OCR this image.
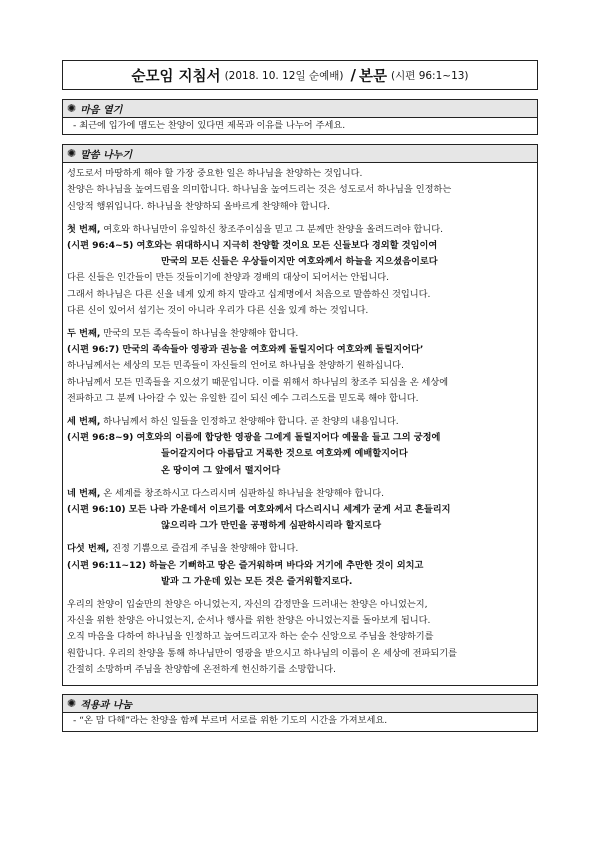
순모임 지침서 (2018. 10. 12일 순예배) / 본문 (시편 96:1~13)
✺ 마음 열기
- 최근에 입가에 맴도는 찬양이 있다면 제목과 이유를 나누어 주세요.
✺ 말씀 나누기
성도로서 마땅하게 해야 할 가장 중요한 일은 하나님을 찬양하는 것입니다.
찬양은 하나님을 높여드림을 의미합니다. 하나님을 높여드리는 것은 성도로서 하나님을 인정하는
신앙적 행위입니다. 하나님을 찬양하되 올바르게 찬양해야 합니다.
첫 번째, 여호와 하나님만이 유일하신 창조주이심을 믿고 그 분께만 찬양을 올려드려야 합니다.
(시편 96:4~5) 여호와는 위대하시니 지극히 찬양할 것이요 모든 신들보다 경외할 것임이여
만국의 모든 신들은 우상들이지만 여호와께서 하늘을 지으셨음이로다
다른 신들은 인간들이 만든 것들이기에 찬양과 경배의 대상이 되어서는 안됩니다.
그래서 하나님은 다른 신을 네게 있게 하지 말라고 십계명에서 처음으로 말씀하신 것입니다.
다른 신이 있어서 섬기는 것이 아니라 우리가 다른 신을 있게 하는 것입니다.
두 번째, 만국의 모든 족속들이 하나님을 찬양해야 합니다.
(시편 96:7) 만국의 족속들아 영광과 권능을 여호와께 돌릴지어다 여호와께 돌릴지어다’
하나님께서는 세상의 모든 민족들이 자신들의 언어로 하나님을 찬양하기 원하십니다.
하나님께서 모든 민족들을 지으셨기 때문입니다. 이를 위해서 하나님의 창조주 되심을 온 세상에
전파하고 그 분께 나아갈 수 있는 유일한 길이 되신 예수 그리스도를 믿도록 해야 합니다.
세 번째, 하나님께서 하신 일들을 인정하고 찬양해야 합니다. 곧 찬양의 내용입니다.
(시편 96:8~9) 여호와의 이름에 합당한 영광을 그에게 돌릴지어다 예물을 들고 그의 궁정에
들어갈지어다 아름답고 거룩한 것으로 여호와께 예배할지어다
온 땅이여 그 앞에서 떨지어다
네 번째, 온 세계를 창조하시고 다스리시며 심판하실 하나님을 찬양해야 합니다.
(시편 96:10) 모든 나라 가운데서 이르기를 여호와께서 다스리시니 세계가 굳게 서고 흔들리지
않으리라 그가 만민을 공평하게 심판하시리라 할지로다
다섯 번째, 진정 기쁨으로 즐겁게 주님을 찬양해야 합니다.
(시편 96:11~12) 하늘은 기뻐하고 땅은 즐거워하며 바다와 거기에 추만한 것이 외치고
밭과 그 가운데 있는 모든 것은 즐거워할지로다.
우리의 찬양이 입술만의 찬양은 아니었는지, 자신의 감정만을 드러내는 찬양은 아니었는지,
자신을 위한 찬양은 아니었는지, 순서나 행사를 위한 찬양은 아니었는지를 돌아보게 됩니다.
오직 마음을 다하여 하나님을 인정하고 높여드리고자 하는 순수 신앙으로 주님을 찬양하기를
원합니다. 우리의 찬양을 통해 하나님만이 영광을 받으시고 하나님의 이름이 온 세상에 전파되기를
간절히 소망하며 주님을 찬양함에 온전하게 헌신하기를 소망합니다.
✺ 적용과 나눔
- “온 맘 다해”라는 찬양을 함께 부르며 서로를 위한 기도의 시간을 가져보세요.
